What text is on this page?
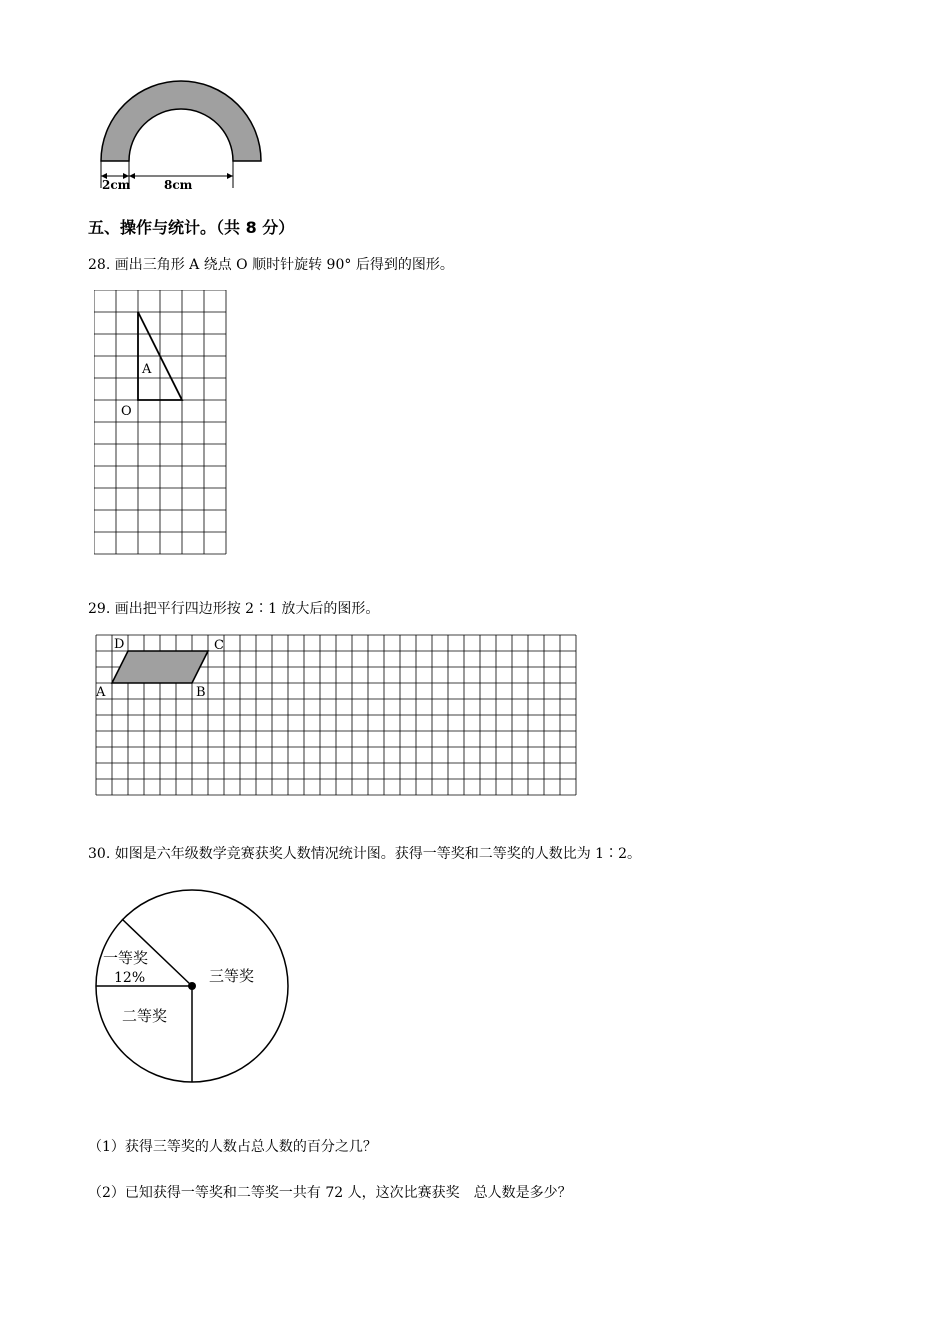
2cm	8cm
五、操作与统计。（共 8 分）
28. 画出三角形 A 绕点 O 顺时针旋转 90° 后得到的图形。
A
O
29. 画出把平行四边形按 2∶1 放大后的图形。
D	C
A	B
30. 如图是六年级数学竞赛获奖人数情况统计图。获得一等奖和二等奖的人数比为 1∶2。
一等奖
12%
二等奖
三等奖
（1）获得三等奖的人数占总人数的百分之几？
（2）已知获得一等奖和二等奖一共有 72 人，这次比赛获奖　总人数是多少？
